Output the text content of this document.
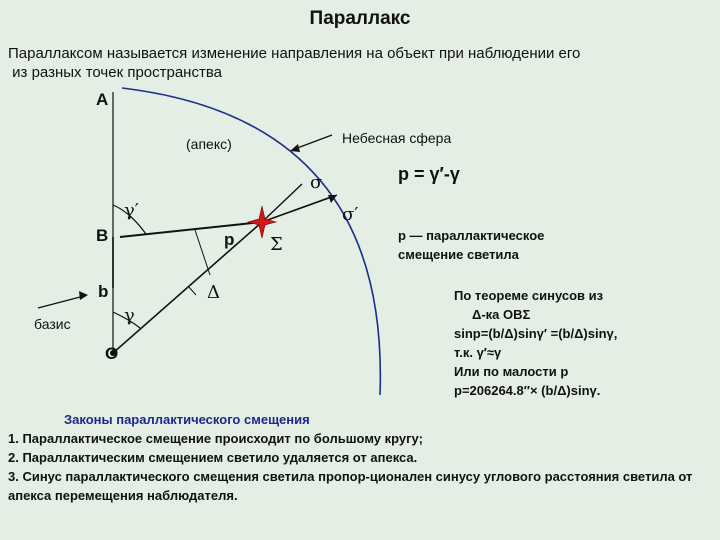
Параллакс
Параллаксом называется изменение направления на объект при наблюдении его
из разных точек пространства
A
(апекс)	Небесная сфера
σ
σ′
γ′
B
b
γ
базис
O
p Σ
Δ
p = γ′-γ
p — параллактическое
смещение светила
По теореме синусов из
Δ-ка OBΣ
sinp=(b/Δ)sinγ′ =(b/Δ)sinγ,
т.к. γ′≈γ
Или по малости p
p=206264.8″× (b/Δ)sinγ.
Законы параллактического смещения
1. Параллактическое смещение происходит по большому кругу;
2. Параллактическим смещением светило удаляется от апекса.
3. Синус параллактического смещения светила пропор-ционален синусу углового расстояния светила от апекса перемещения наблюдателя.
